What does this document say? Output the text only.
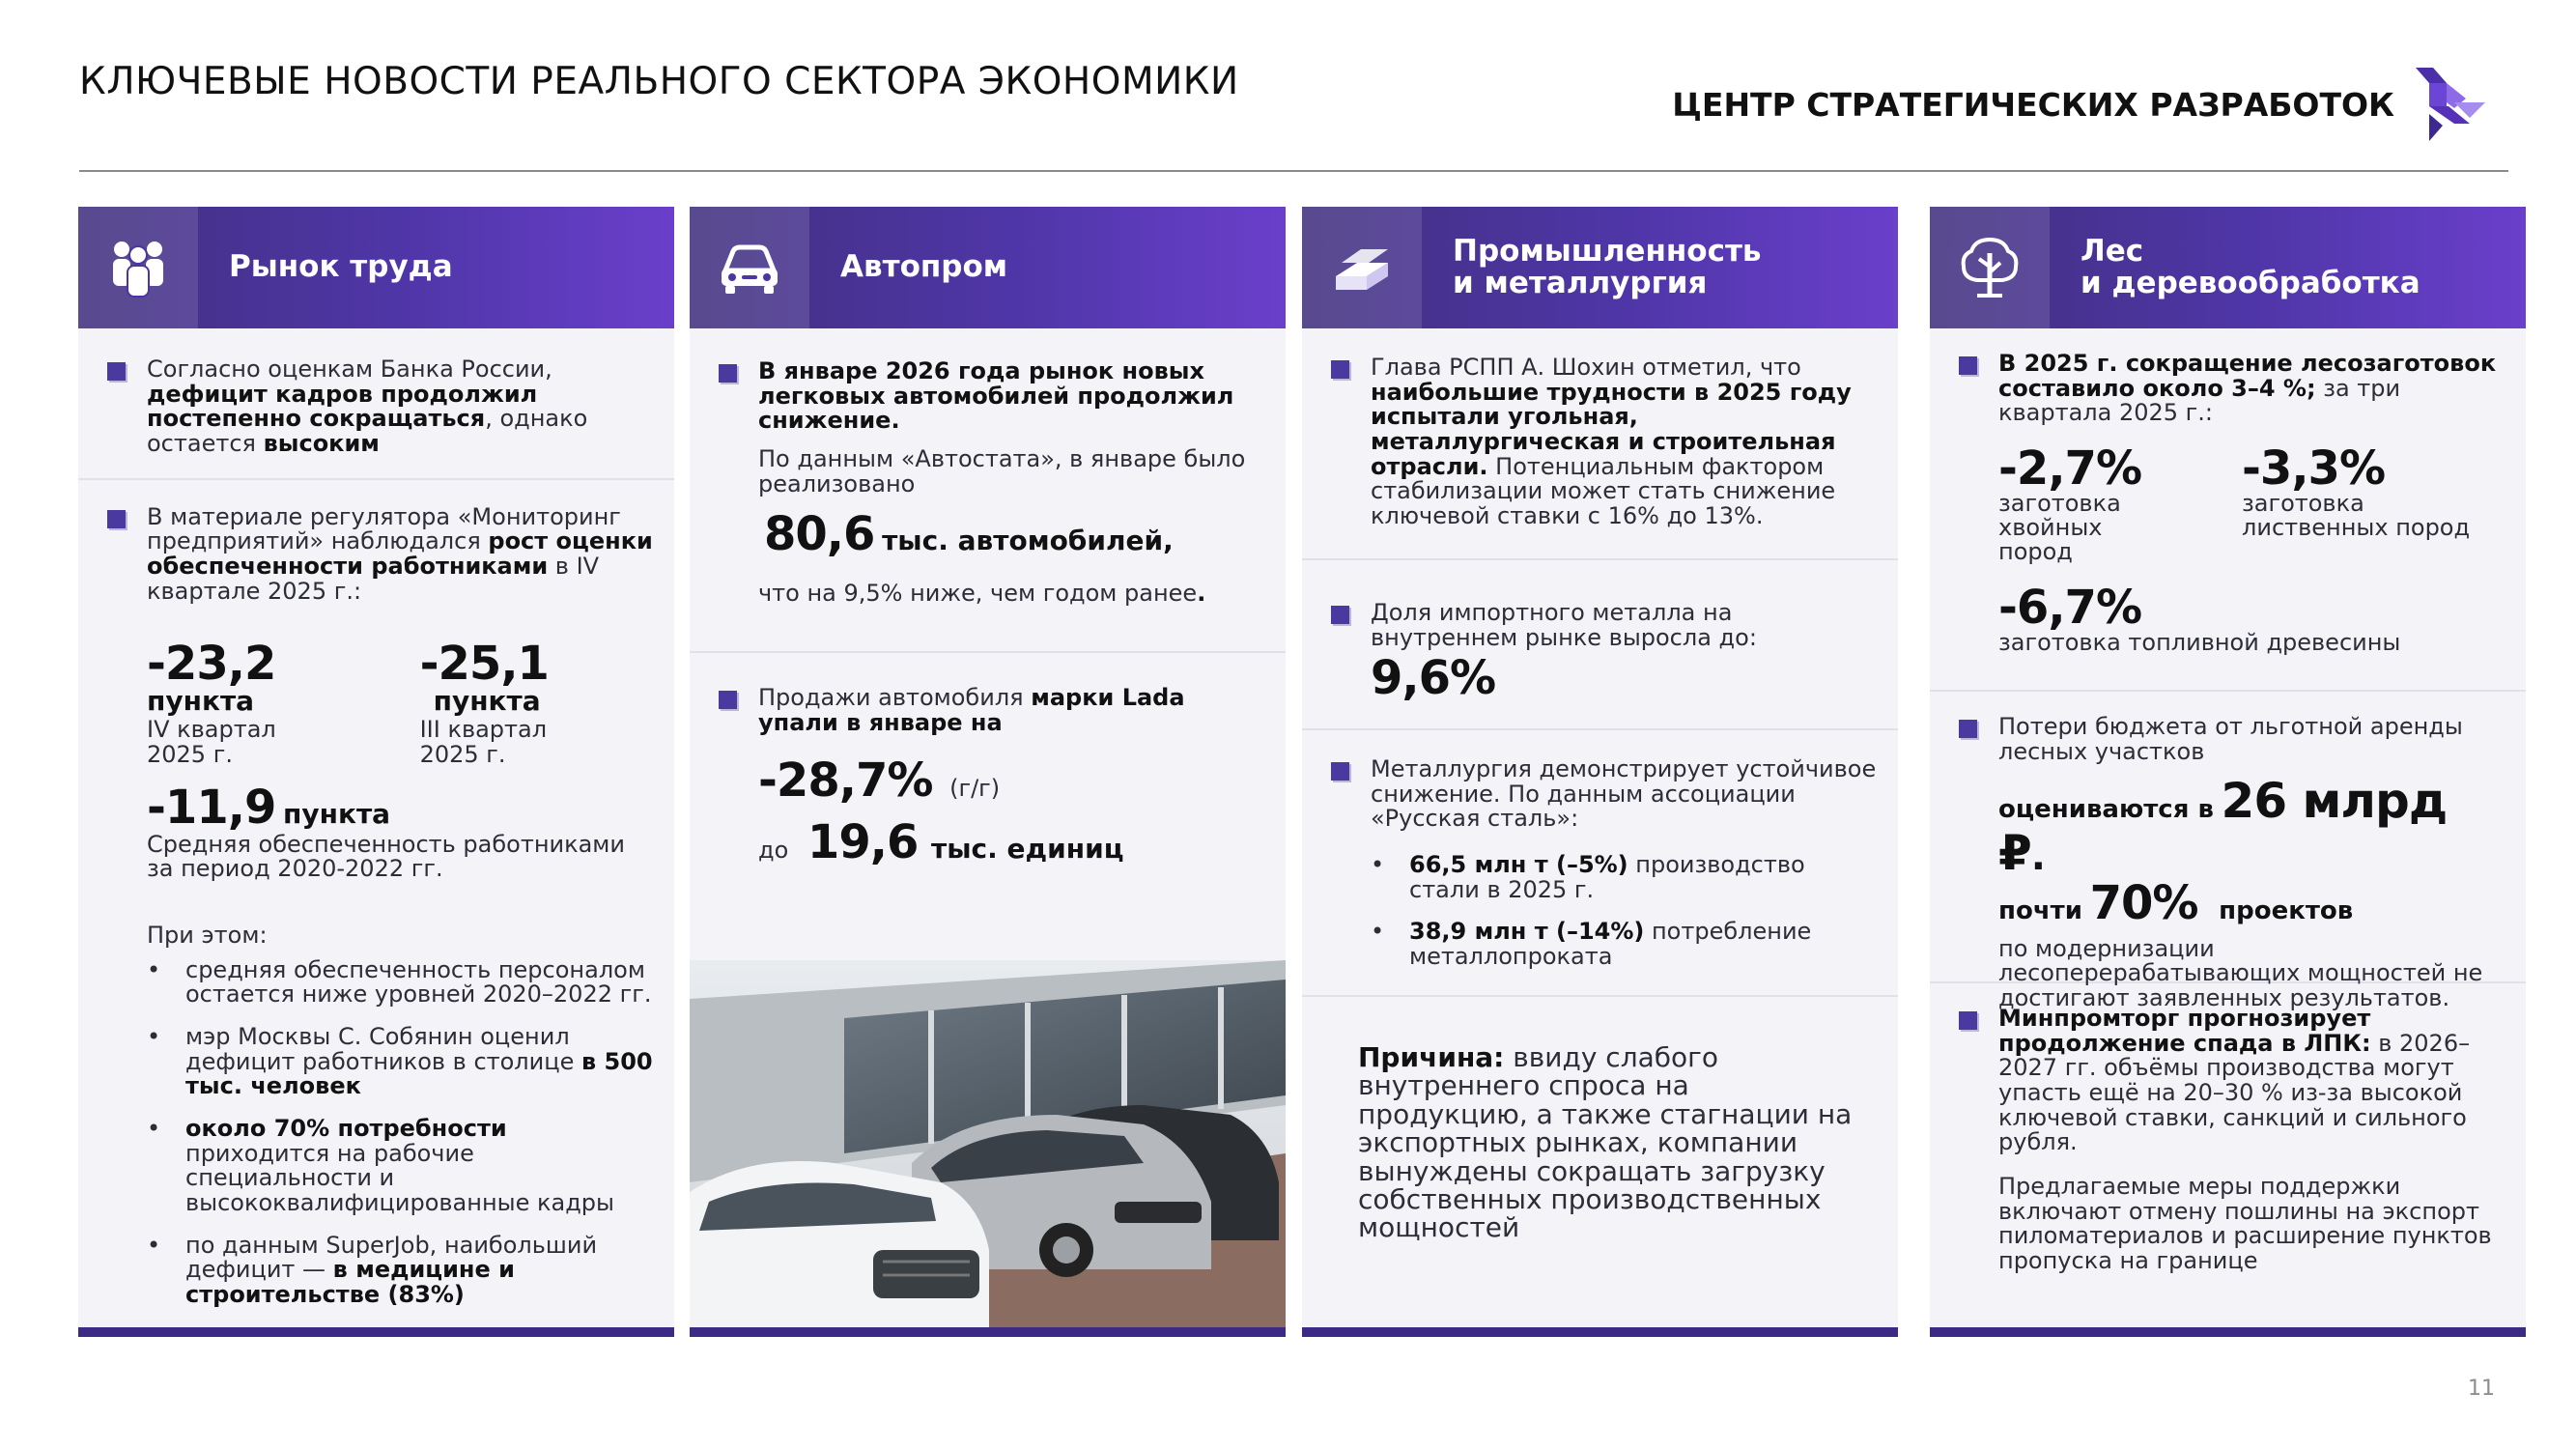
КЛЮЧЕВЫЕ НОВОСТИ РЕАЛЬНОГО СЕКТОРА ЭКОНОМИКИ
ЦЕНТР СТРАТЕГИЧЕСКИХ РАЗРАБОТОК
Рынок труда
Согласно оценкам Банка России, дефицит кадров продолжил постепенно сокращаться, однако остается высоким
В материале регулятора «Мониторинг предприятий» наблюдался рост оценки обеспеченности работниками в IV квартале 2025 г.:
-23,2 пункта
IV квартал 2025 г.
-25,1 пункта
III квартал 2025 г.
-11,9 пункта
Средняя обеспеченность работниками за период 2020-2022 гг.
При этом:
• средняя обеспеченность персоналом остается ниже уровней 2020–2022 гг.
• мэр Москвы С. Собянин оценил дефицит работников в столице в 500 тыс. человек
• около 70% потребности приходится на рабочие специальности и высококвалифицированные кадры
• по данным SuperJob, наибольший дефицит — в медицине и строительстве (83%)
Автопром
В январе 2026 года рынок новых легковых автомобилей продолжил снижение.
По данным «Автостата», в январе было реализовано
80,6 тыс. автомобилей,
что на 9,5% ниже, чем годом ранее.
Продажи автомобиля марки Lada упали в январе на
-28,7% (г/г)
до 19,6 тыс. единиц
Промышленность
и металлургия
Глава РСПП А. Шохин отметил, что наибольшие трудности в 2025 году испытали угольная, металлургическая и строительная отрасли. Потенциальным фактором стабилизации может стать снижение ключевой ставки с 16% до 13%.
Доля импортного металла на внутреннем рынке выросла до:
9,6%
Металлургия демонстрирует устойчивое снижение. По данным ассоциации «Русская сталь»:
• 66,5 млн т (–5%) производство стали в 2025 г.
• 38,9 млн т (–14%) потребление металлопроката
Причина: ввиду слабого внутреннего спроса на продукцию, а также стагнации на экспортных рынках, компании вынуждены сокращать загрузку собственных производственных мощностей
Лес
и деревообработка
В 2025 г. сокращение лесозаготовок составило около 3–4 %; за три квартала 2025 г.:
-2,7%
заготовка хвойных пород
-3,3%
заготовка лиственных пород
-6,7%
заготовка топливной древесины
Потери бюджета от льготной аренды лесных участков
оцениваются в 26 млрд ₽.
почти 70% проектов
по модернизации лесоперерабатывающих мощностей не достигают заявленных результатов.
Минпромторг прогнозирует продолжение спада в ЛПК: в 2026–2027 гг. объёмы производства могут упасть ещё на 20–30 % из-за высокой ключевой ставки, санкций и сильного рубля.
Предлагаемые меры поддержки включают отмену пошлины на экспорт пиломатериалов и расширение пунктов пропуска на границе
11
